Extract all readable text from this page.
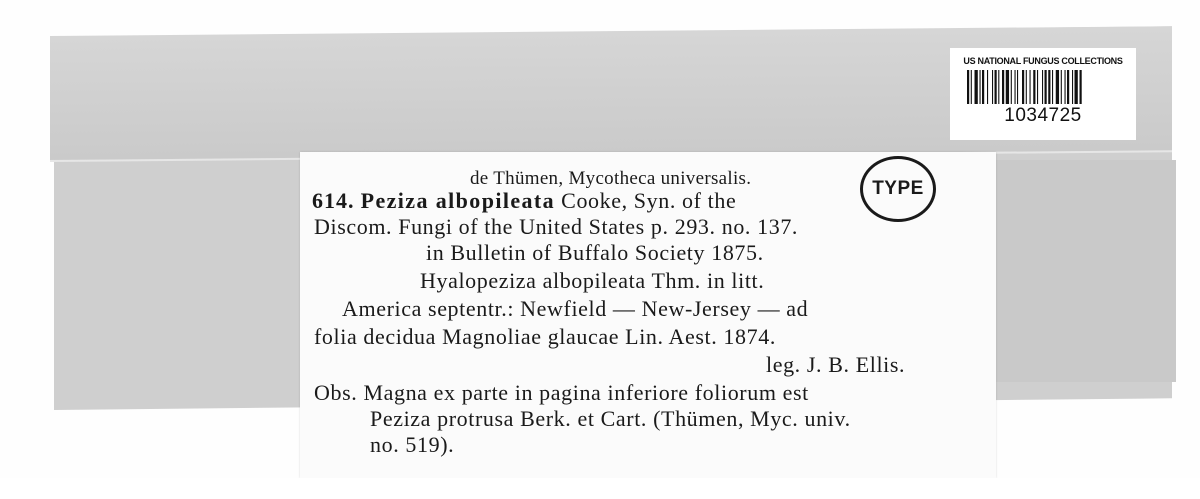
US NATIONAL FUNGUS COLLECTIONS
1034725
de Thümen, Mycotheca universalis.
614. Peziza albopileata Cooke, Syn. of the
Discom. Fungi of the United States p. 293. no. 137.
in Bulletin of Buffalo Society 1875.
Hyalopeziza albopileata Thm. in litt.
America septentr.: Newfield — New-Jersey — ad
folia decidua Magnoliae glaucae Lin. Aest. 1874.
leg. J. B. Ellis.
Obs. Magna ex parte in pagina inferiore foliorum est
Peziza protrusa Berk. et Cart. (Thümen, Myc. univ.
no. 519).
TYPE
